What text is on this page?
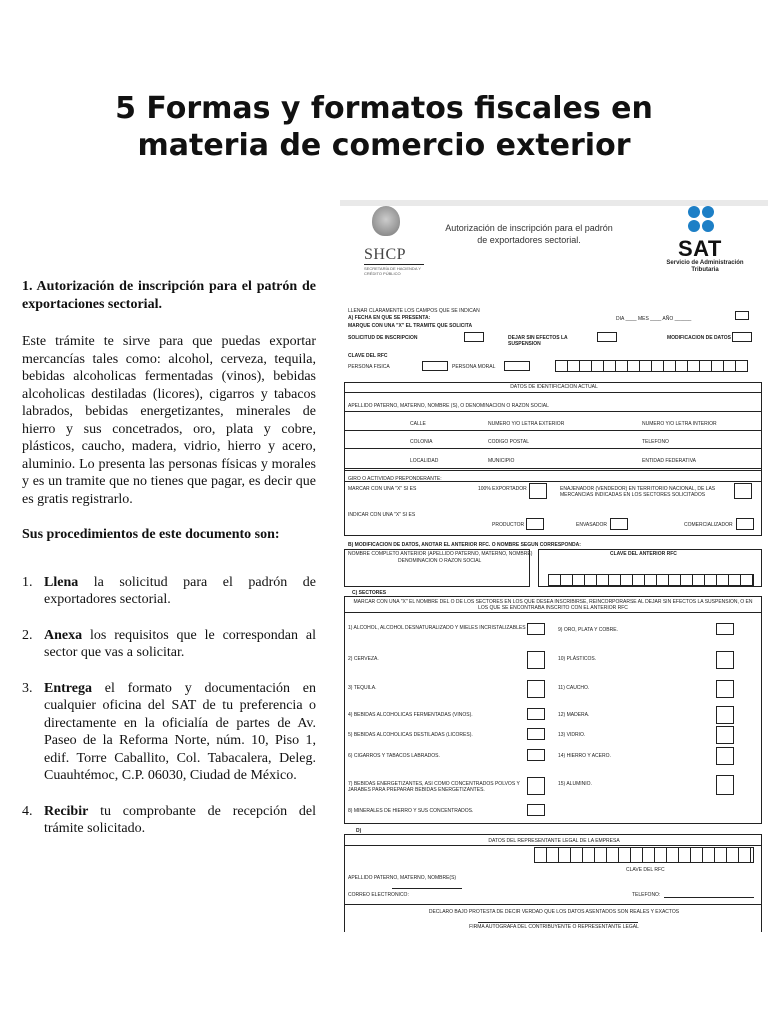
5 Formas y formatos fiscales en
materia de comercio exterior

1. Autorización de inscripción para el patrón de exportaciones sectorial.

Este trámite te sirve para que puedas exportar mercancías tales como: alcohol, cerveza, tequila, bebidas alcoholicas fermentadas (vinos), bebidas alcoholicas destiladas (licores), cigarros y tabacos labrados, bebidas energetizantes, minerales de hierro y sus concetrados, oro, plata y cobre, plásticos, caucho, madera, vidrio, hierro y acero, aluminio. Lo presenta las personas físicas y morales y es un tramite que no tienes que pagar, es decir que es gratis registrarlo.

Sus procedimientos de este documento son:

1. Llena la solicitud para el padrón de exportadores sectorial.
2. Anexa los requisitos que le correspondan al sector que vas a solicitar.
3. Entrega el formato y documentación en cualquier oficina del SAT de tu preferencia o directamente en la oficialía de partes de Av. Paseo de la Reforma Norte, núm. 10, Piso 1, edif. Torre Caballito, Col. Tabacalera, Deleg. Cuauhtémoc, C.P. 06030, Ciudad de México.
4. Recibir tu comprobante de recepción del trámite solicitado.
SHCP
SECRETARÍA DE HACIENDA Y CRÉDITO PÚBLICO
Autorización de inscripción para el padrón de exportadores sectorial.	SAT
Servicio de Administración Tributaria
LLENAR CLARAMENTE LOS CAMPOS QUE SE INDICAN
A) FECHA EN QUE SE PRESENTA:
MARQUE CON UNA "X" EL TRAMITE QUE SOLICITA
DIA ____ MES ____ AÑO ______
SOLICITUD DE INSCRIPCION	DEJAR SIN EFECTOS LA SUSPENSION
MODIFICACION DE DATOS
CLAVE DEL RFC
PERSONA FISICA	PERSONA MORAL
DATOS DE IDENTIFICACION ACTUAL
APELLIDO PATERNO, MATERNO, NOMBRE (S), O DENOMINACION O RAZON SOCIAL
CALLE	NUMERO Y/O LETRA EXTERIOR	NUMERO Y/O LETRA INTERIOR
COLONIA	CODIGO POSTAL	TELEFONO
LOCALIDAD	MUNICIPIO	ENTIDAD FEDERATIVA
GIRO O ACTIVIDAD PREPONDERANTE:
MARCAR CON UNA "X" SI ES	100% EXPORTADOR	ENAJENADOR (VENDEDOR) EN TERRITORIO NACIONAL, DE LAS MERCANCIAS INDICADAS EN LOS SECTORES SOLICITADOS
INDICAR CON UNA "X" SI ES
PRODUCTOR	ENVASADOR	COMERCIALIZADOR
B) MODIFICACION DE DATOS, ANOTAR EL ANTERIOR RFC. O NOMBRE SEGUN CORRESPONDA:
NOMBRE COMPLETO ANTERIOR (APELLIDO PATERNO, MATERNO, NOMBRE)
DENOMINACION O RAZON SOCIAL
CLAVE DEL ANTERIOR RFC
C) SECTORES
MARCAR CON UNA "X" EL NOMBRE DEL O DE LOS SECTORES EN LOS QUE DESEA INSCRIBIRSE, REINCORPORARSE AL DEJAR SIN EFECTOS LA SUSPENSION, O EN LOS QUE SE ENCONTRABA INSCRITO CON EL ANTERIOR RFC
1) ALCOHOL, ALCOHOL DESNATURALIZADO Y MIELES INCRISTALIZABLES
2) CERVEZA.
3) TEQUILA.
4) BEBIDAS ALCOHOLICAS FERMENTADAS (VINOS).
5) BEBIDAS ALCOHOLICAS DESTILADAS (LICORES).
6) CIGARROS Y TABACOS LABRADOS.
7) BEBIDAS ENERGETIZANTES, ASI COMO CONCENTRADOS POLVOS Y JARABES PARA PREPARAR BEBIDAS ENERGETIZANTES.
8) MINERALES DE HIERRO Y SUS CONCENTRADOS.
9) ORO, PLATA Y COBRE.
10) PLÁSTICOS.
11) CAUCHO.
12) MADERA.
13) VIDRIO.
14) HIERRO Y ACERO.
15) ALUMINIO.
D)
DATOS DEL REPRESENTANTE LEGAL DE LA EMPRESA
CLAVE DEL RFC
APELLIDO PATERNO, MATERNO, NOMBRE(S)
CORREO ELECTRONICO:	TELEFONO:
DECLARO BAJO PROTESTA DE DECIR VERDAD QUE LOS DATOS ASENTADOS SON REALES Y EXACTOS
FIRMA AUTOGRAFA DEL CONTRIBUYENTE O REPRESENTANTE LEGAL
